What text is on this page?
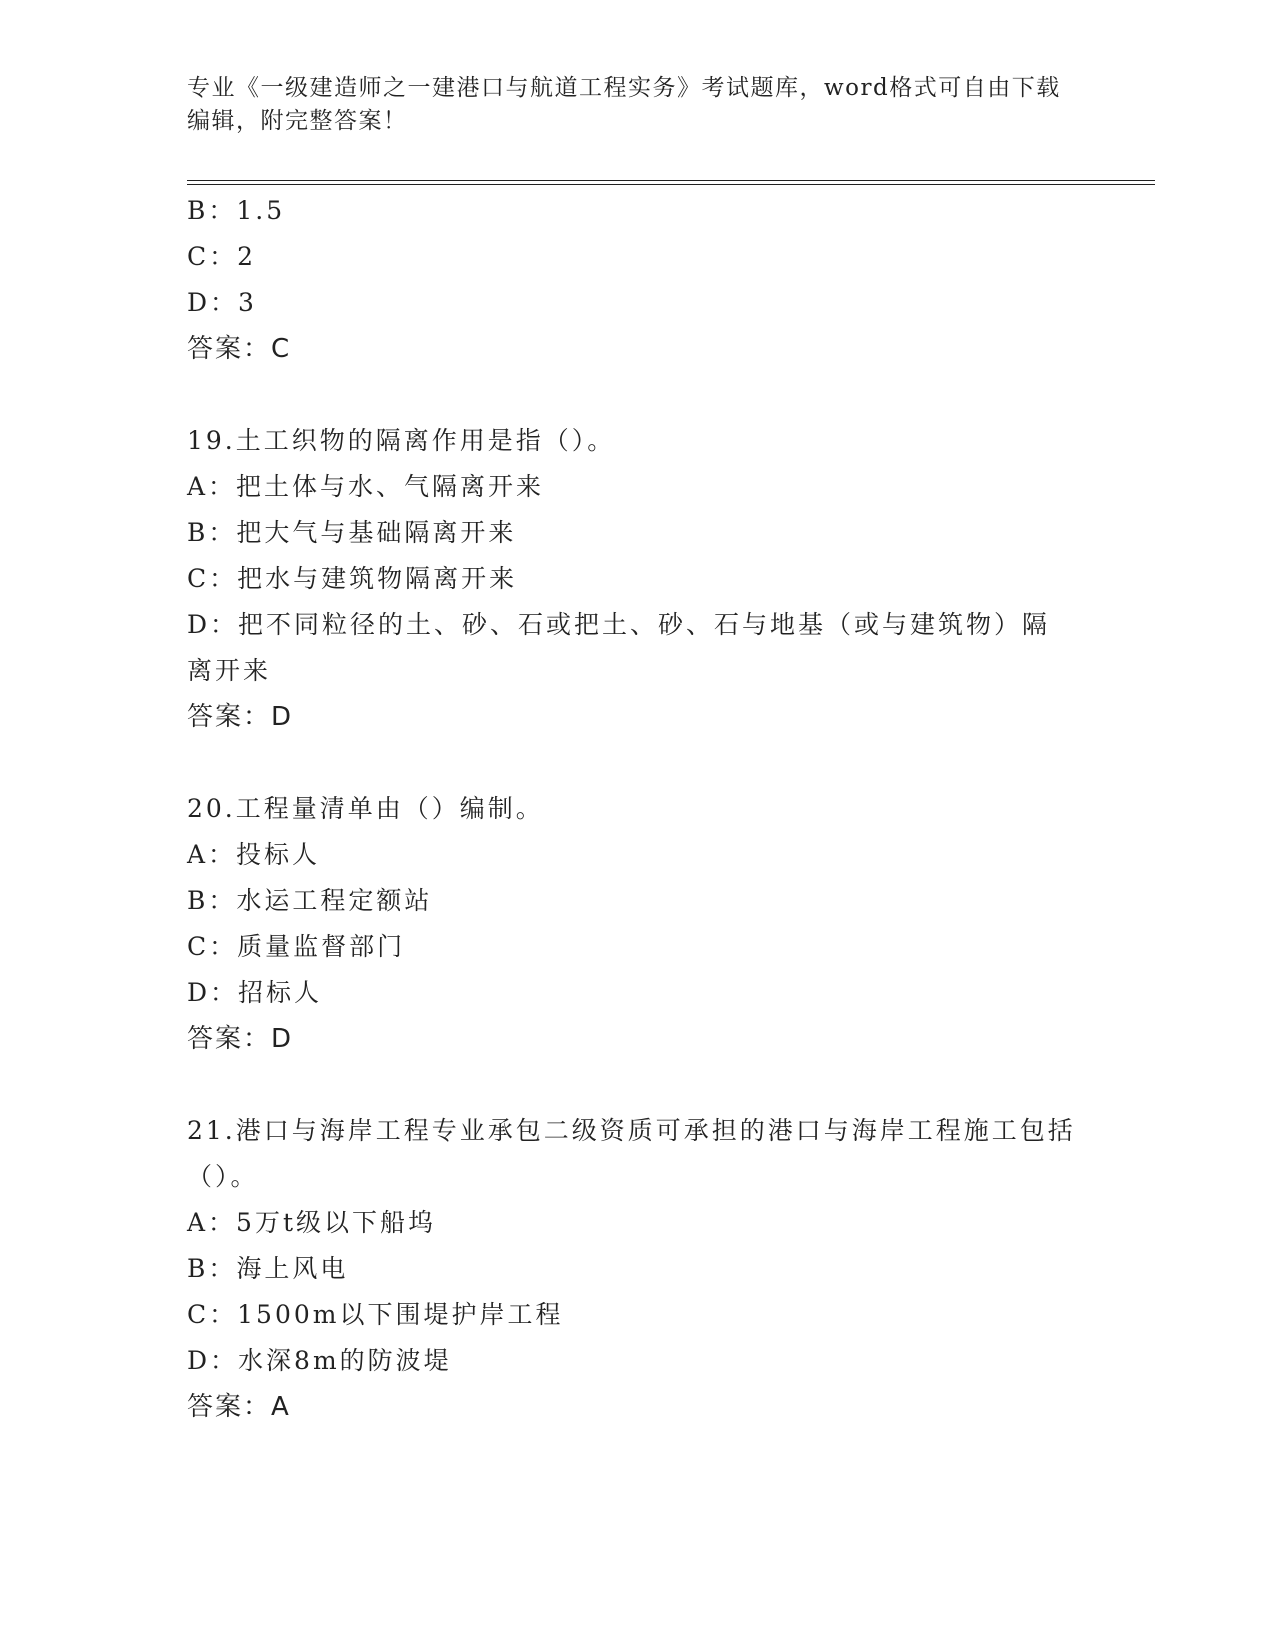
专业《一级建造师之一建港口与航道工程实务》考试题库，word格式可自由下载编辑，附完整答案！
B：1.5
C：2
D：3
答案：C
19.土工织物的隔离作用是指（）。
A：把土体与水、气隔离开来
B：把大气与基础隔离开来
C：把水与建筑物隔离开来
D：把不同粒径的土、砂、石或把土、砂、石与地基（或与建筑物）隔离开来
答案：D
20.工程量清单由（）编制。
A：投标人
B：水运工程定额站
C：质量监督部门
D：招标人
答案：D
21.港口与海岸工程专业承包二级资质可承担的港口与海岸工程施工包括（）。
A：5万t级以下船坞
B：海上风电
C：1500m以下围堤护岸工程
D：水深8m的防波堤
答案：A
